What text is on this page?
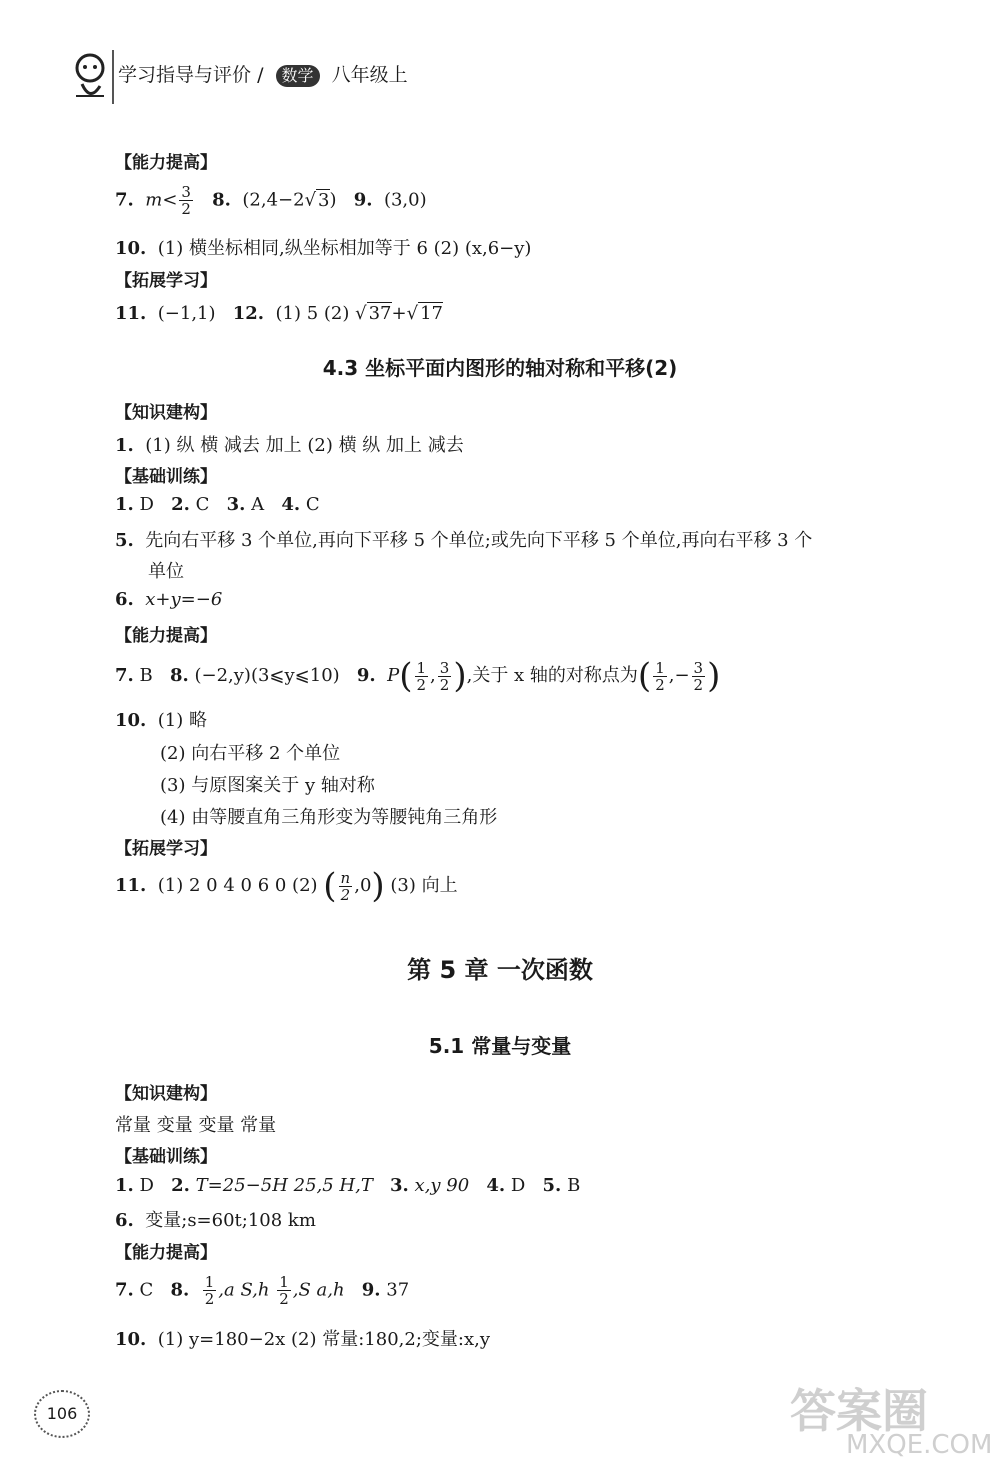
学习指导与评价 / 数学 八年级上
【能力提高】
7. $m< \frac{3}{2} 8$. (2,4−2√ 3) 9. (3,0)
10. (1) 横坐标相同,纵坐标相加等于 6 (2) (x,6−y)
【拓展学习】
11. (−1,1) 12. (1) 5 (2) √ 37+√ 17
4.3 坐标平面内图形的轴对称和平移(2)
【知识建构】
1. (1) 纵 横 减去 加上 (2) 横 纵 加上 减去
【基础训练】
1. D 2. C 3. A 4. C
5. 先向右平移 3 个单位,再向下平移 5 个单位;或先向下平移 5 个单位,再向右平移 3 个
单位
6. x+y=−6
【能力提高】
7. B 8. (−2,y)(3⩽y⩽10) 9. $P( \frac{1}{2}$ , $\frac{3}{2}$ ),关于 x 轴的对称点为( $\frac{1}{2}$ ,− $\frac{3}{2}$ )
10. (1) 略
(2) 向右平移 2 个单位
(3) 与原图案关于 y 轴对称
(4) 由等腰直角三角形变为等腰钝角三角形
【拓展学习】
11. (1) 2 0 4 0 6 0 (2) ( $\frac{n}{2} ,0$) (3) 向上
第 5 章 一次函数
5.1 常量与变量
【知识建构】
常量 变量 变量 常量
【基础训练】
1. D 2. T=25−5H 25,5 H,T 3. x,y 90 4. D 5. B
6. 变量;s=60t;108 km
【能力提高】
7. C 8. $\frac{1}{2} ,a$ $S,h \frac{1}{2} ,S$ a,h 9. 37
10. (1) y=180−2x (2) 常量:180,2;变量:x,y
106	答案圈
MXQE.COM
